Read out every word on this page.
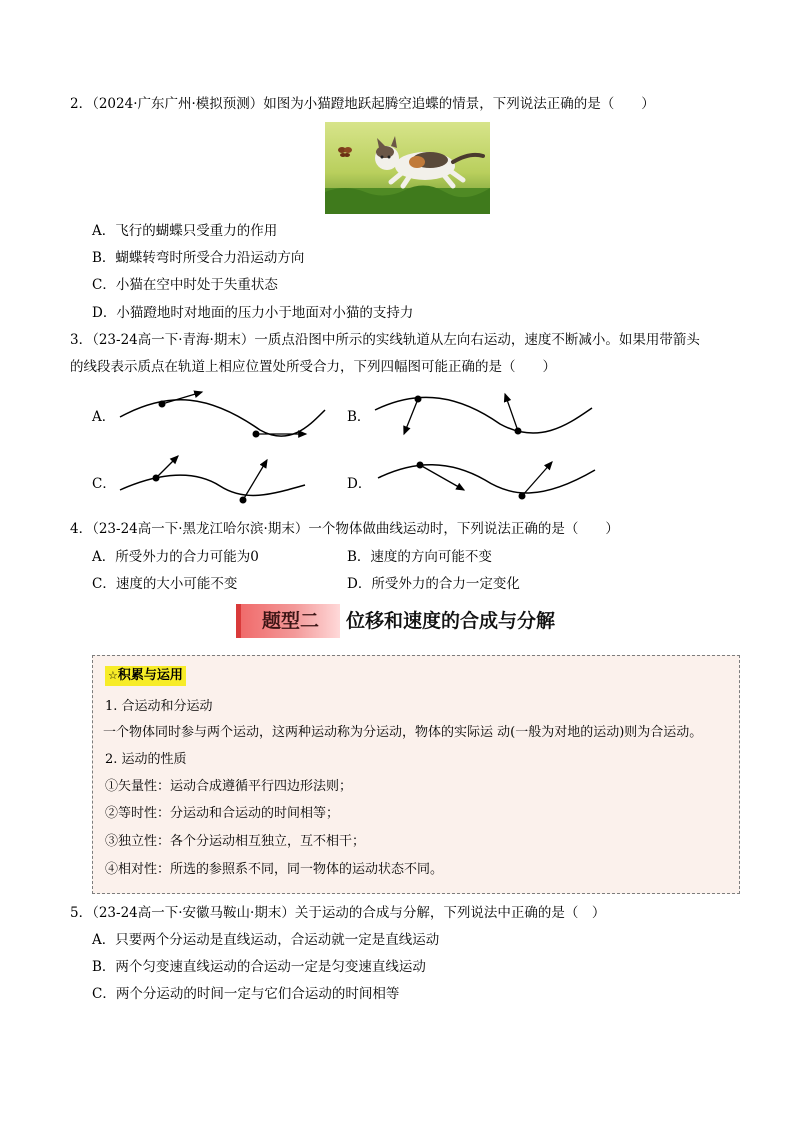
2．（2024·广东广州·模拟预测）如图为小猫蹬地跃起腾空追蝶的情景，下列说法正确的是（　　）
A．飞行的蝴蝶只受重力的作用
B．蝴蝶转弯时所受合力沿运动方向
C．小猫在空中时处于失重状态
D．小猫蹬地时对地面的压力小于地面对小猫的支持力
3．（23-24高一下·青海·期末）一质点沿图中所示的实线轨道从左向右运动，速度不断减小。如果用带箭头
的线段表示质点在轨道上相应位置处所受合力，下列四幅图可能正确的是（　　）
A．	B．
C．	D．
4．（23-24高一下·黑龙江哈尔滨·期末）一个物体做曲线运动时，下列说法正确的是（　　）
A．所受外力的合力可能为0	B．速度的方向可能不变
C．速度的大小可能不变	D．所受外力的合力一定变化
题型二	位移和速度的合成与分解
☆积累与运用
1. 合运动和分运动
一个物体同时参与两个运动，这两种运动称为分运动，物体的实际运 动(一般为对地的运动)则为合运动。
2. 运动的性质
①矢量性：运动合成遵循平行四边形法则；
②等时性：分运动和合运动的时间相等；
③独立性：各个分运动相互独立，互不相干；
④相对性：所选的参照系不同，同一物体的运动状态不同。
5．（23-24高一下·安徽马鞍山·期末）关于运动的合成与分解，下列说法中正确的是（　）
A．只要两个分运动是直线运动，合运动就一定是直线运动
B．两个匀变速直线运动的合运动一定是匀变速直线运动
C．两个分运动的时间一定与它们合运动的时间相等
